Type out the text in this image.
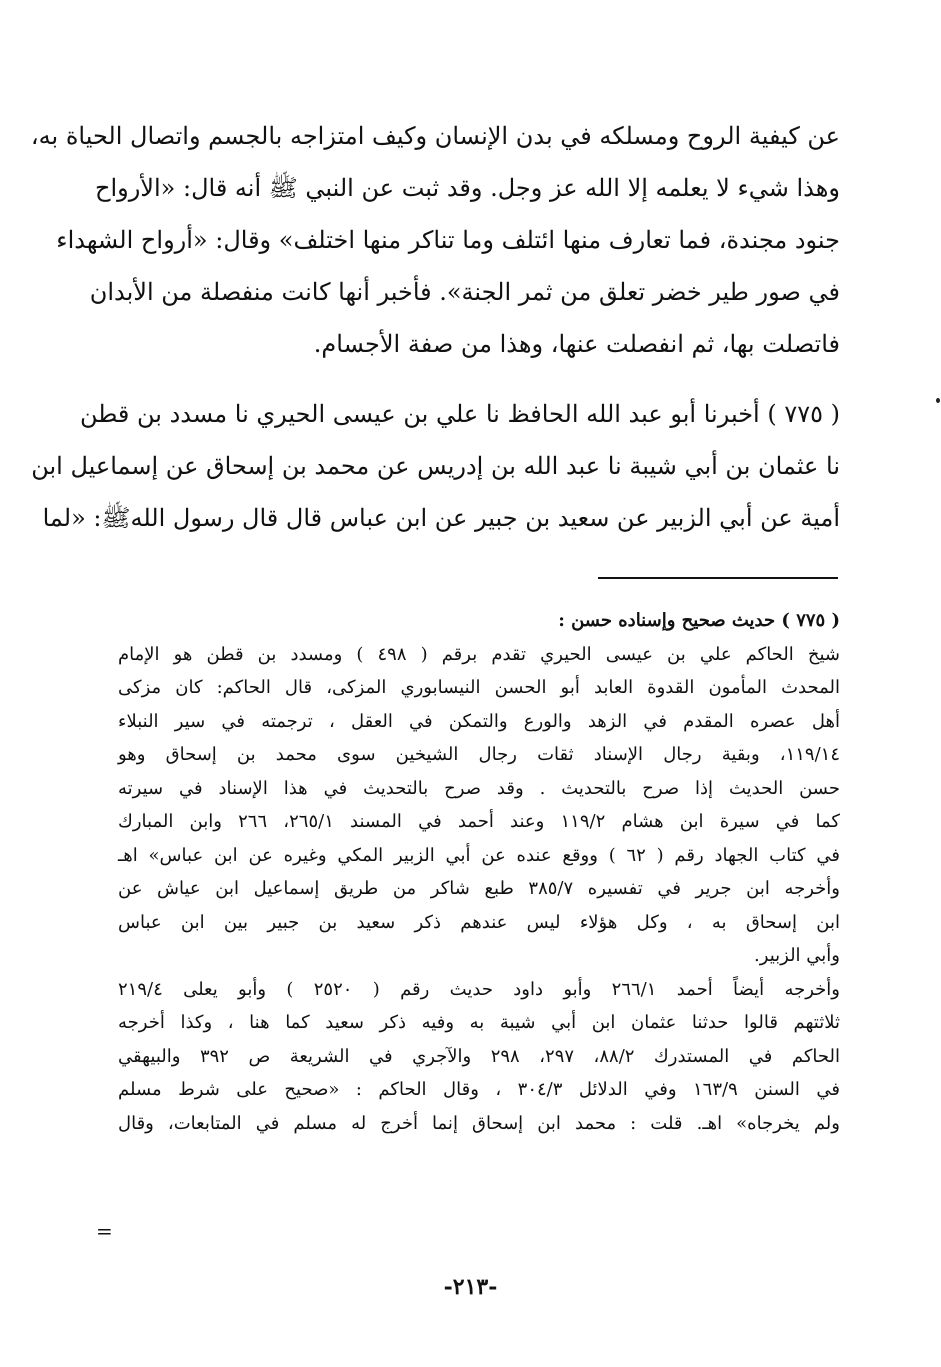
عن كيفية الروح ومسلكه في بدن الإنسان وكيف امتزاجه بالجسم واتصال الحياة به،
وهذا شيء لا يعلمه إلا الله عز وجل. وقد ثبت عن النبي ﷺ أنه قال: «الأرواح
جنود مجندة، فما تعارف منها ائتلف وما تناكر منها اختلف» وقال: «أرواح الشهداء
في صور طير خضر تعلق من ثمر الجنة». فأخبر أنها كانت منفصلة من الأبدان
فاتصلت بها، ثم انفصلت عنها، وهذا من صفة الأجسام.
( ٧٧٥ ) أخبرنا أبو عبد الله الحافظ نا علي بن عيسى الحيري نا مسدد بن قطن
نا عثمان بن أبي شيبة نا عبد الله بن إدريس عن محمد بن إسحاق عن إسماعيل ابن
أمية عن أبي الزبير عن سعيد بن جبير عن ابن عباس قال قال رسول اللهﷺ: «لما
( ٧٧٥ ) حديث صحيح وإسناده حسن :
شيخ الحاكم علي بن عيسى الحيري تقدم برقم ( ٤٩٨ ) ومسدد بن قطن هو الإمام
المحدث المأمون القدوة العابد أبو الحسن النيسابوري المزكى، قال الحاكم: كان مزكى
أهل عصره المقدم في الزهد والورع والتمكن في العقل ، ترجمته في سير النبلاء
١١٩/١٤، وبقية رجال الإسناد ثقات رجال الشيخين سوى محمد بن إسحاق وهو
حسن الحديث إذا صرح بالتحديث . وقد صرح بالتحديث في هذا الإسناد في سيرته
كما في سيرة ابن هشام ١١٩/٢ وعند أحمد في المسند ٢٦٥/١، ٢٦٦ وابن المبارك
في كتاب الجهاد رقم ( ٦٢ ) ووقع عنده عن أبي الزبير المكي وغيره عن ابن عباس» اهـ
وأخرجه ابن جرير في تفسيره ٣٨٥/٧ طبع شاكر من طريق إسماعيل ابن عياش عن
ابن إسحاق به ، وكل هؤلاء ليس عندهم ذكر سعيد بن جبير بين ابن عباس
وأبي الزبير.
وأخرجه أيضاً أحمد ٢٦٦/١ وأبو داود حديث رقم ( ٢٥٢٠ ) وأبو يعلى ٢١٩/٤
ثلاثتهم قالوا حدثنا عثمان ابن أبي شيبة به وفيه ذكر سعيد كما هنا ، وكذا أخرجه
الحاكم في المستدرك ٨٨/٢، ٢٩٧، ٢٩٨ والآجري في الشريعة ص ٣٩٢ والبيهقي
في السنن ١٦٣/٩ وفي الدلائل ٣٠٤/٣ ، وقال الحاكم : «صحيح على شرط مسلم
ولم يخرجاه» اهـ. قلت : محمد ابن إسحاق إنما أخرج له مسلم في المتابعات، وقال
=
-٢١٣-
